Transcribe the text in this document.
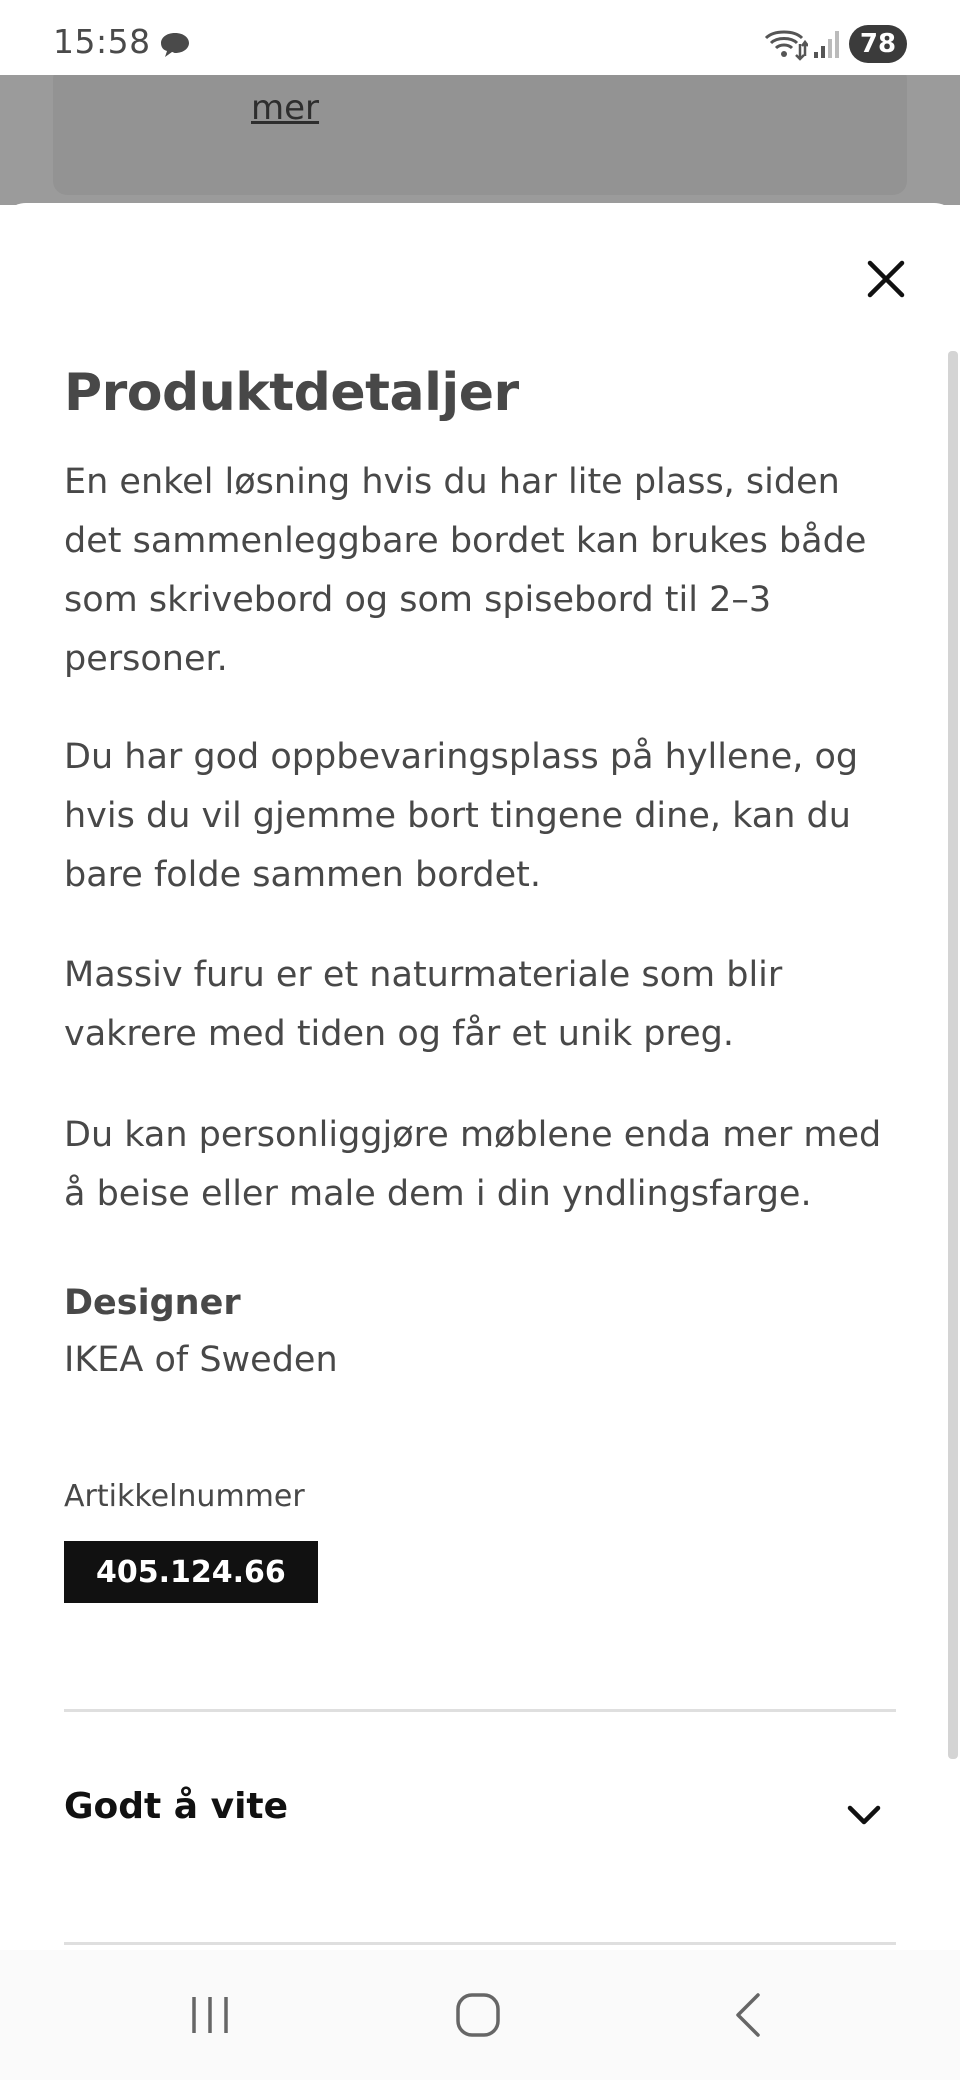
15:58	78
mer
Produktdetaljer

En enkel løsning hvis du har lite plass, siden det sammenleggbare bordet kan brukes både som skrivebord og som spisebord til 2–3 personer.

Du har god oppbevaringsplass på hyllene, og hvis du vil gjemme bort tingene dine, kan du bare folde sammen bordet.

Massiv furu er et naturmateriale som blir vakrere med tiden og får et unik preg.

Du kan personliggjøre møblene enda mer med å beise eller male dem i din yndlingsfarge.

Designer
IKEA of Sweden
Artikkelnummer
405.124.66
Godt å vite
